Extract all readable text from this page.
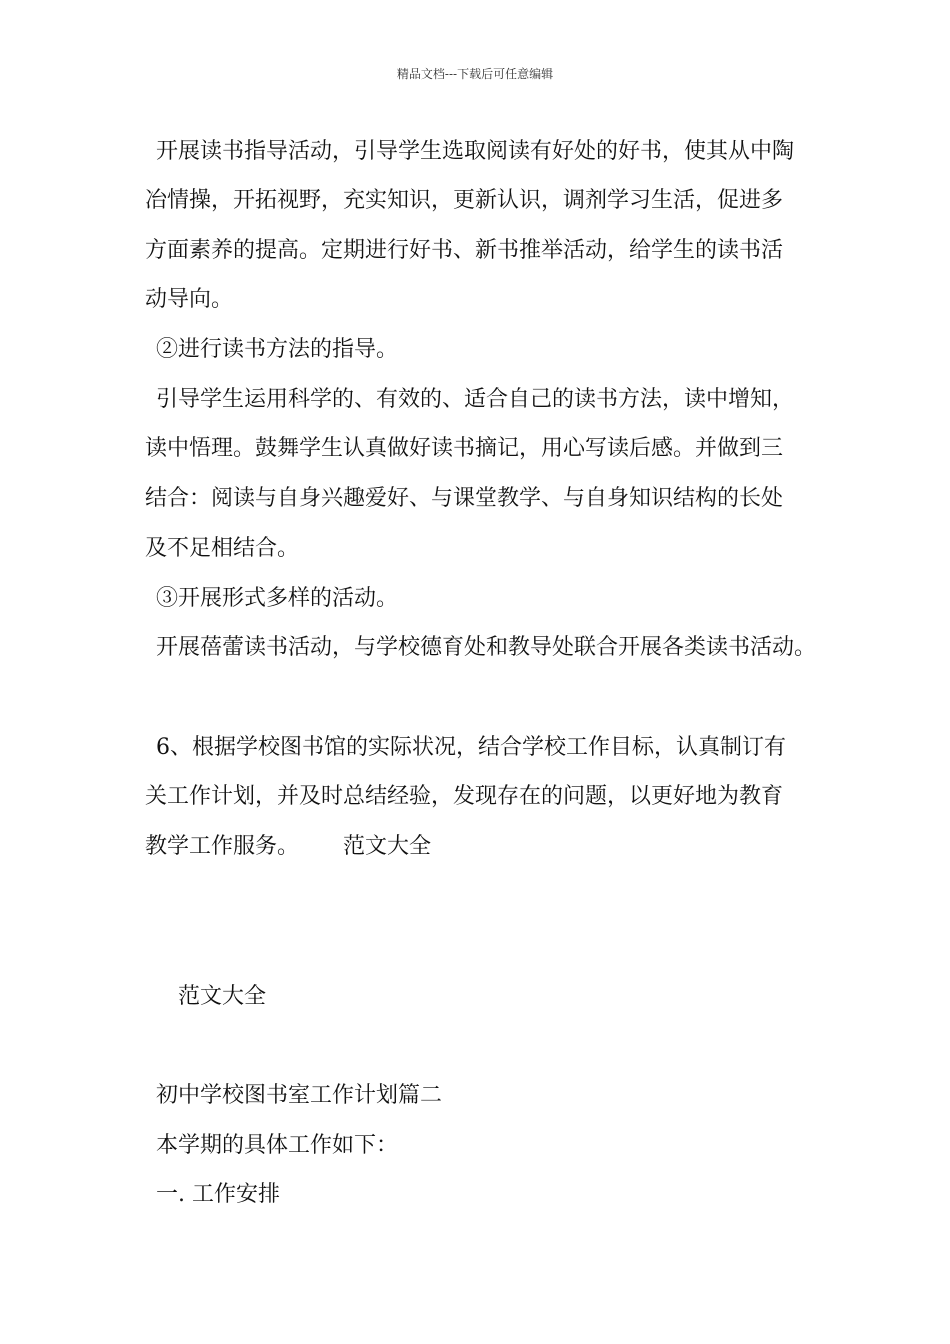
精品文档---下载后可任意编辑
开展读书指导活动，引导学生选取阅读有好处的好书，使其从中陶
冶情操，开拓视野，充实知识，更新认识，调剂学习生活，促进多
方面素养的提高。定期进行好书、新书推举活动，给学生的读书活
动导向。
②进行读书方法的指导。
引导学生运用科学的、有效的、适合自己的读书方法，读中增知，
读中悟理。鼓舞学生认真做好读书摘记，用心写读后感。并做到三
结合：阅读与自身兴趣爱好、与课堂教学、与自身知识结构的长处
及不足相结合。
③开展形式多样的活动。
开展蓓蕾读书活动，与学校德育处和教导处联合开展各类读书活动。
6、根据学校图书馆的实际状况，结合学校工作目标，认真制订有
关工作计划，并及时总结经验，发现存在的问题，以更好地为教育
教学工作服务。 范文大全
范文大全
初中学校图书室工作计划篇二
本学期的具体工作如下：
一. 工作安排
